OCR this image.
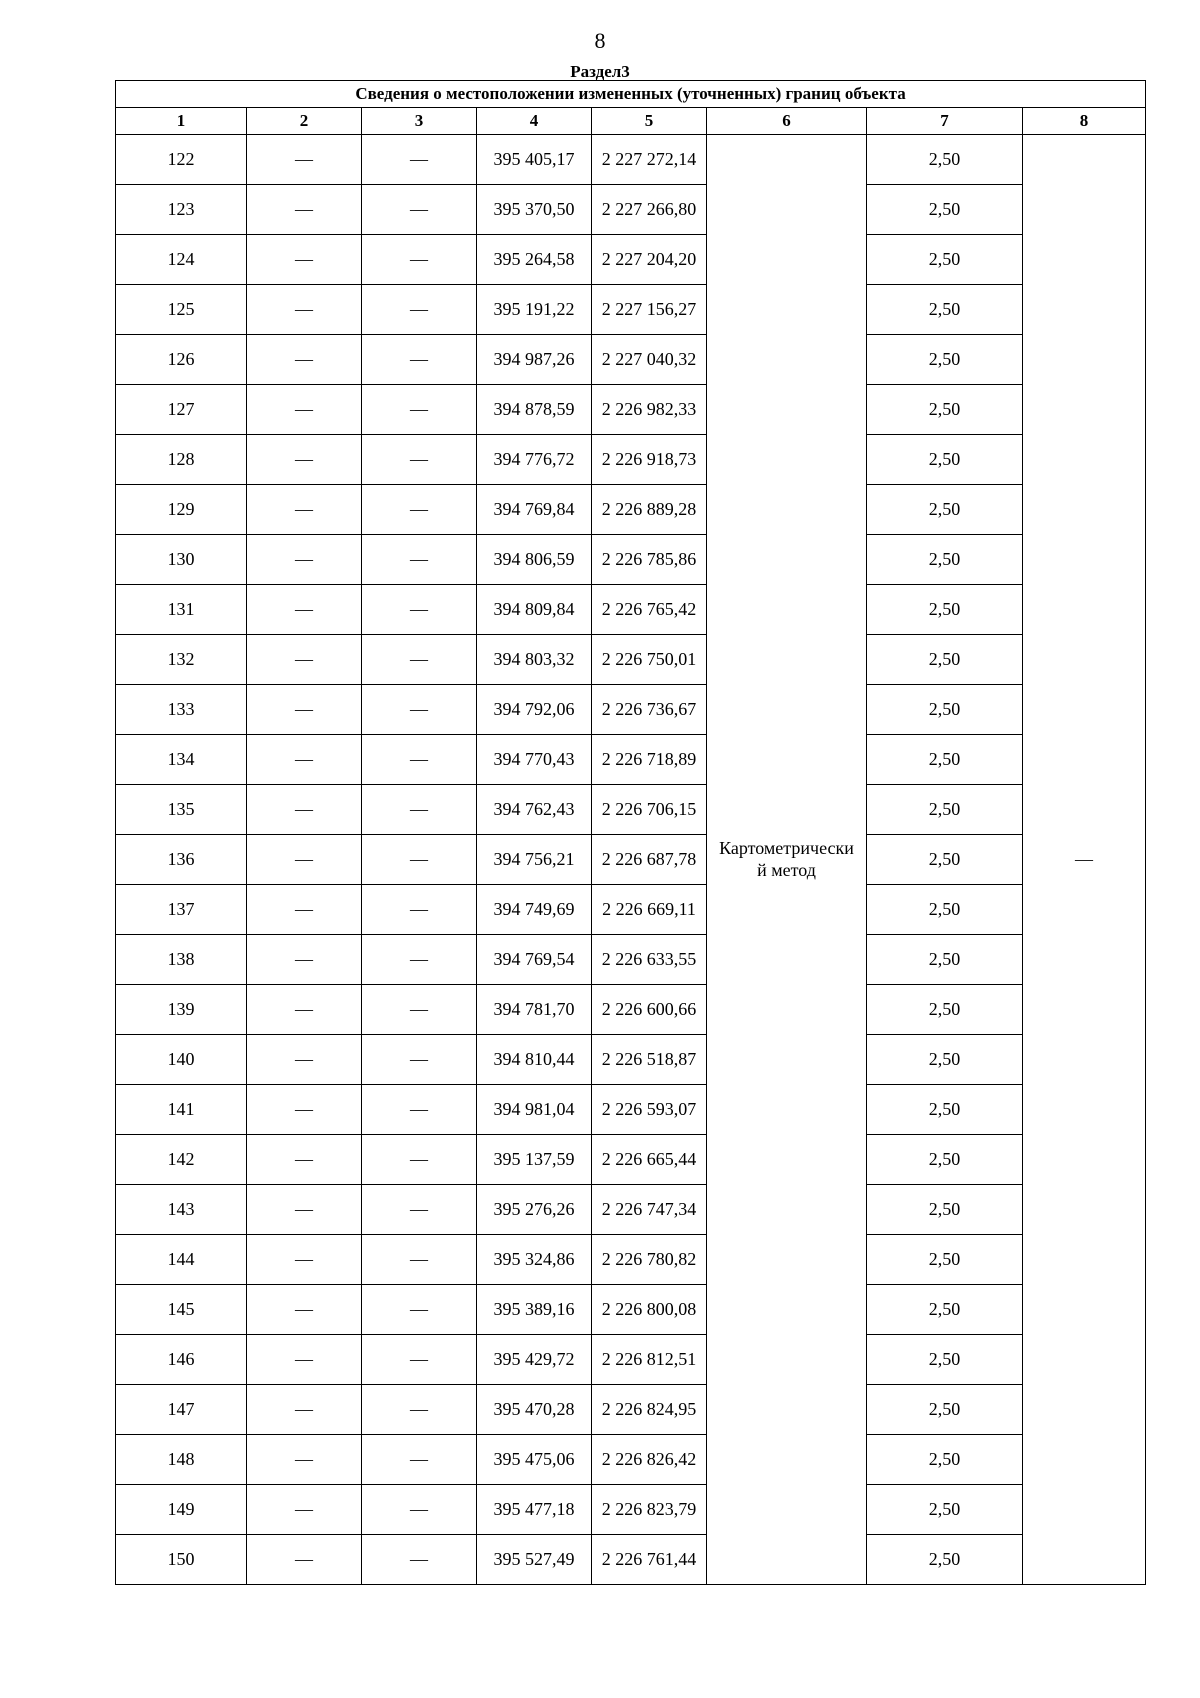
8
Раздел3
Сведения о местоположении измененных (уточненных) границ объекта							
1	2	3	4	5	6	7	8
122	—	—	395 405,17	2 227 272,14	Картометрически
й метод	2,50	—
123	—	—	395 370,50	2 227 266,80		2,50	
124	—	—	395 264,58	2 227 204,20		2,50	
125	—	—	395 191,22	2 227 156,27		2,50	
126	—	—	394 987,26	2 227 040,32		2,50	
127	—	—	394 878,59	2 226 982,33		2,50	
128	—	—	394 776,72	2 226 918,73		2,50	
129	—	—	394 769,84	2 226 889,28		2,50	
130	—	—	394 806,59	2 226 785,86		2,50	
131	—	—	394 809,84	2 226 765,42		2,50	
132	—	—	394 803,32	2 226 750,01		2,50	
133	—	—	394 792,06	2 226 736,67		2,50	
134	—	—	394 770,43	2 226 718,89		2,50	
135	—	—	394 762,43	2 226 706,15		2,50	
136	—	—	394 756,21	2 226 687,78		2,50	
137	—	—	394 749,69	2 226 669,11		2,50	
138	—	—	394 769,54	2 226 633,55		2,50	
139	—	—	394 781,70	2 226 600,66		2,50	
140	—	—	394 810,44	2 226 518,87		2,50	
141	—	—	394 981,04	2 226 593,07		2,50	
142	—	—	395 137,59	2 226 665,44		2,50	
143	—	—	395 276,26	2 226 747,34		2,50	
144	—	—	395 324,86	2 226 780,82		2,50	
145	—	—	395 389,16	2 226 800,08		2,50	
146	—	—	395 429,72	2 226 812,51		2,50	
147	—	—	395 470,28	2 226 824,95		2,50	
148	—	—	395 475,06	2 226 826,42		2,50	
149	—	—	395 477,18	2 226 823,79		2,50	
150	—	—	395 527,49	2 226 761,44		2,50	
